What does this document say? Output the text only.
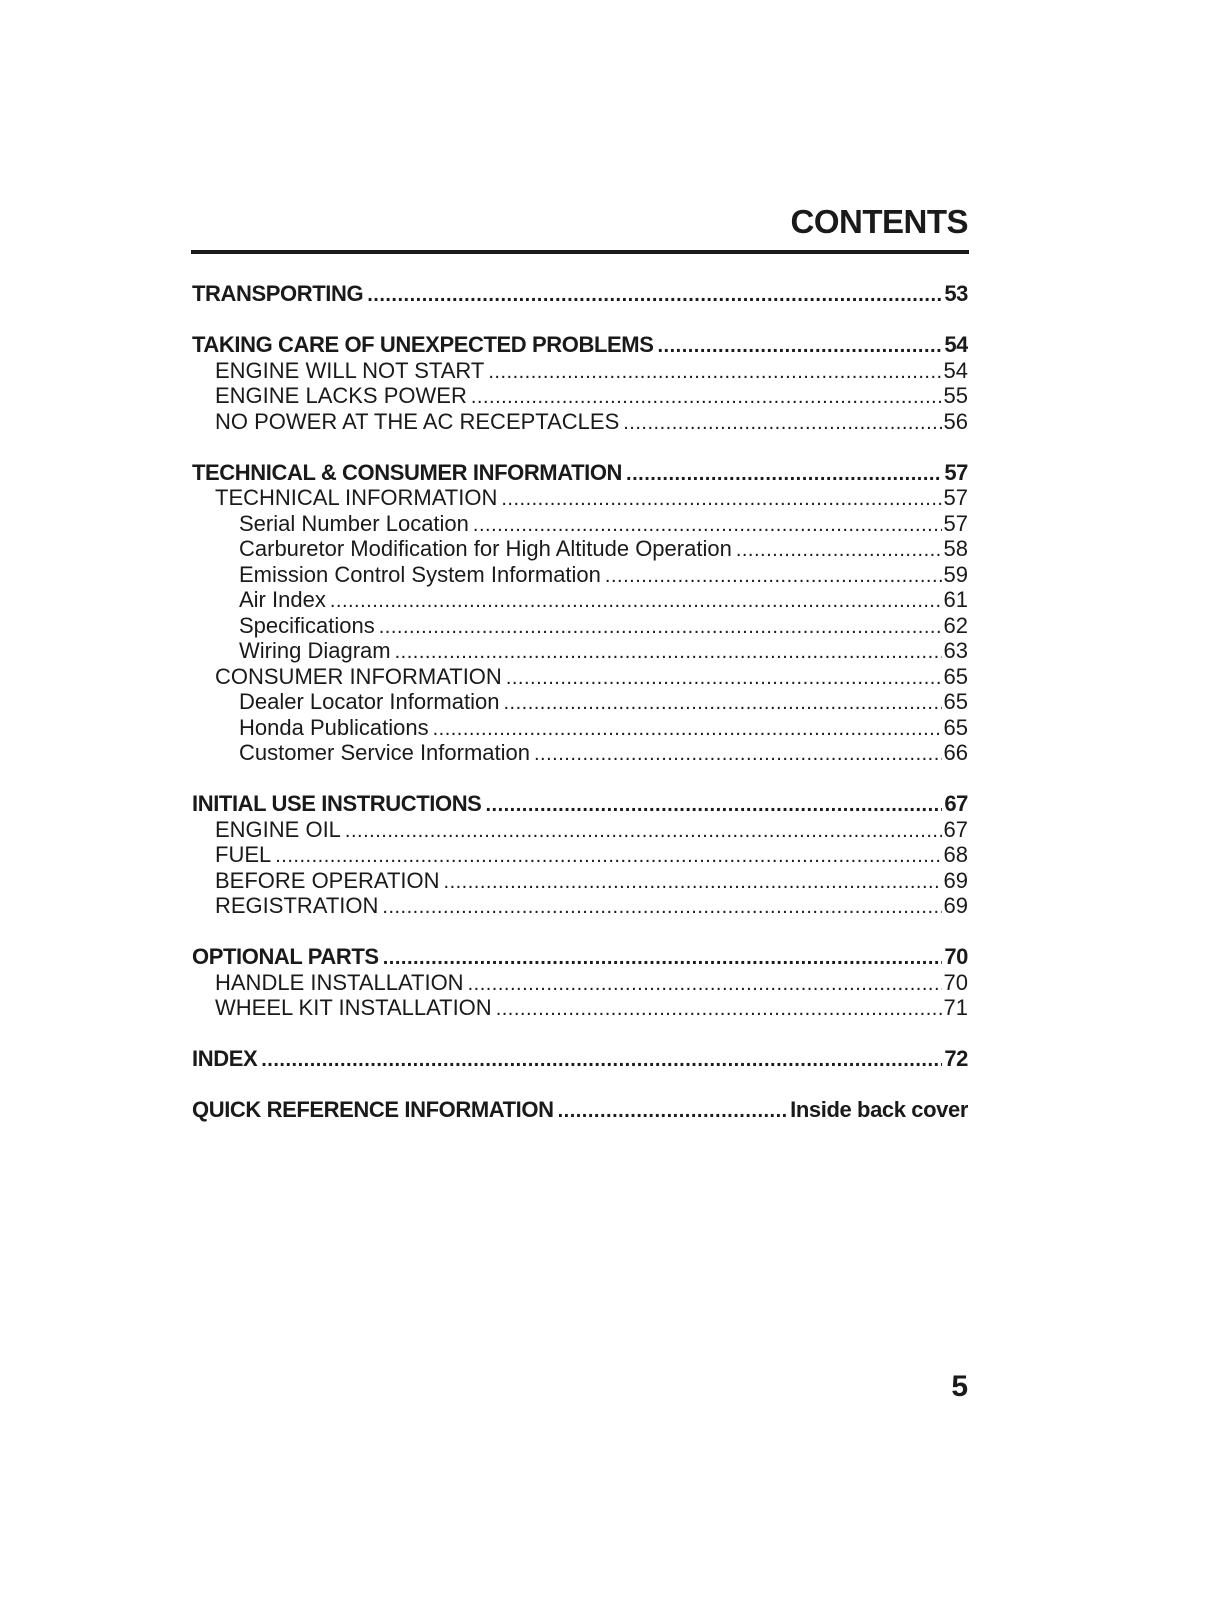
CONTENTS
TRANSPORTING .....	53
TAKING CARE OF UNEXPECTED PROBLEMS .....	54
ENGINE WILL NOT START .....	54
ENGINE LACKS POWER .....	55
NO POWER AT THE AC RECEPTACLES .....	56
TECHNICAL & CONSUMER INFORMATION .....	57
TECHNICAL INFORMATION .....	57
Serial Number Location .....	57
Carburetor Modification for High Altitude Operation .....	58
Emission Control System Information .....	59
Air Index .....	61
Specifications .....	62
Wiring Diagram .....	63
CONSUMER INFORMATION .....	65
Dealer Locator Information .....	65
Honda Publications .....	65
Customer Service Information .....	66
INITIAL USE INSTRUCTIONS .....	67
ENGINE OIL .....	67
FUEL .....	68
BEFORE OPERATION .....	69
REGISTRATION .....	69
OPTIONAL PARTS .....	70
HANDLE INSTALLATION .....	70
WHEEL KIT INSTALLATION .....	71
INDEX .....	72
QUICK REFERENCE INFORMATION .....	Inside back cover
5
